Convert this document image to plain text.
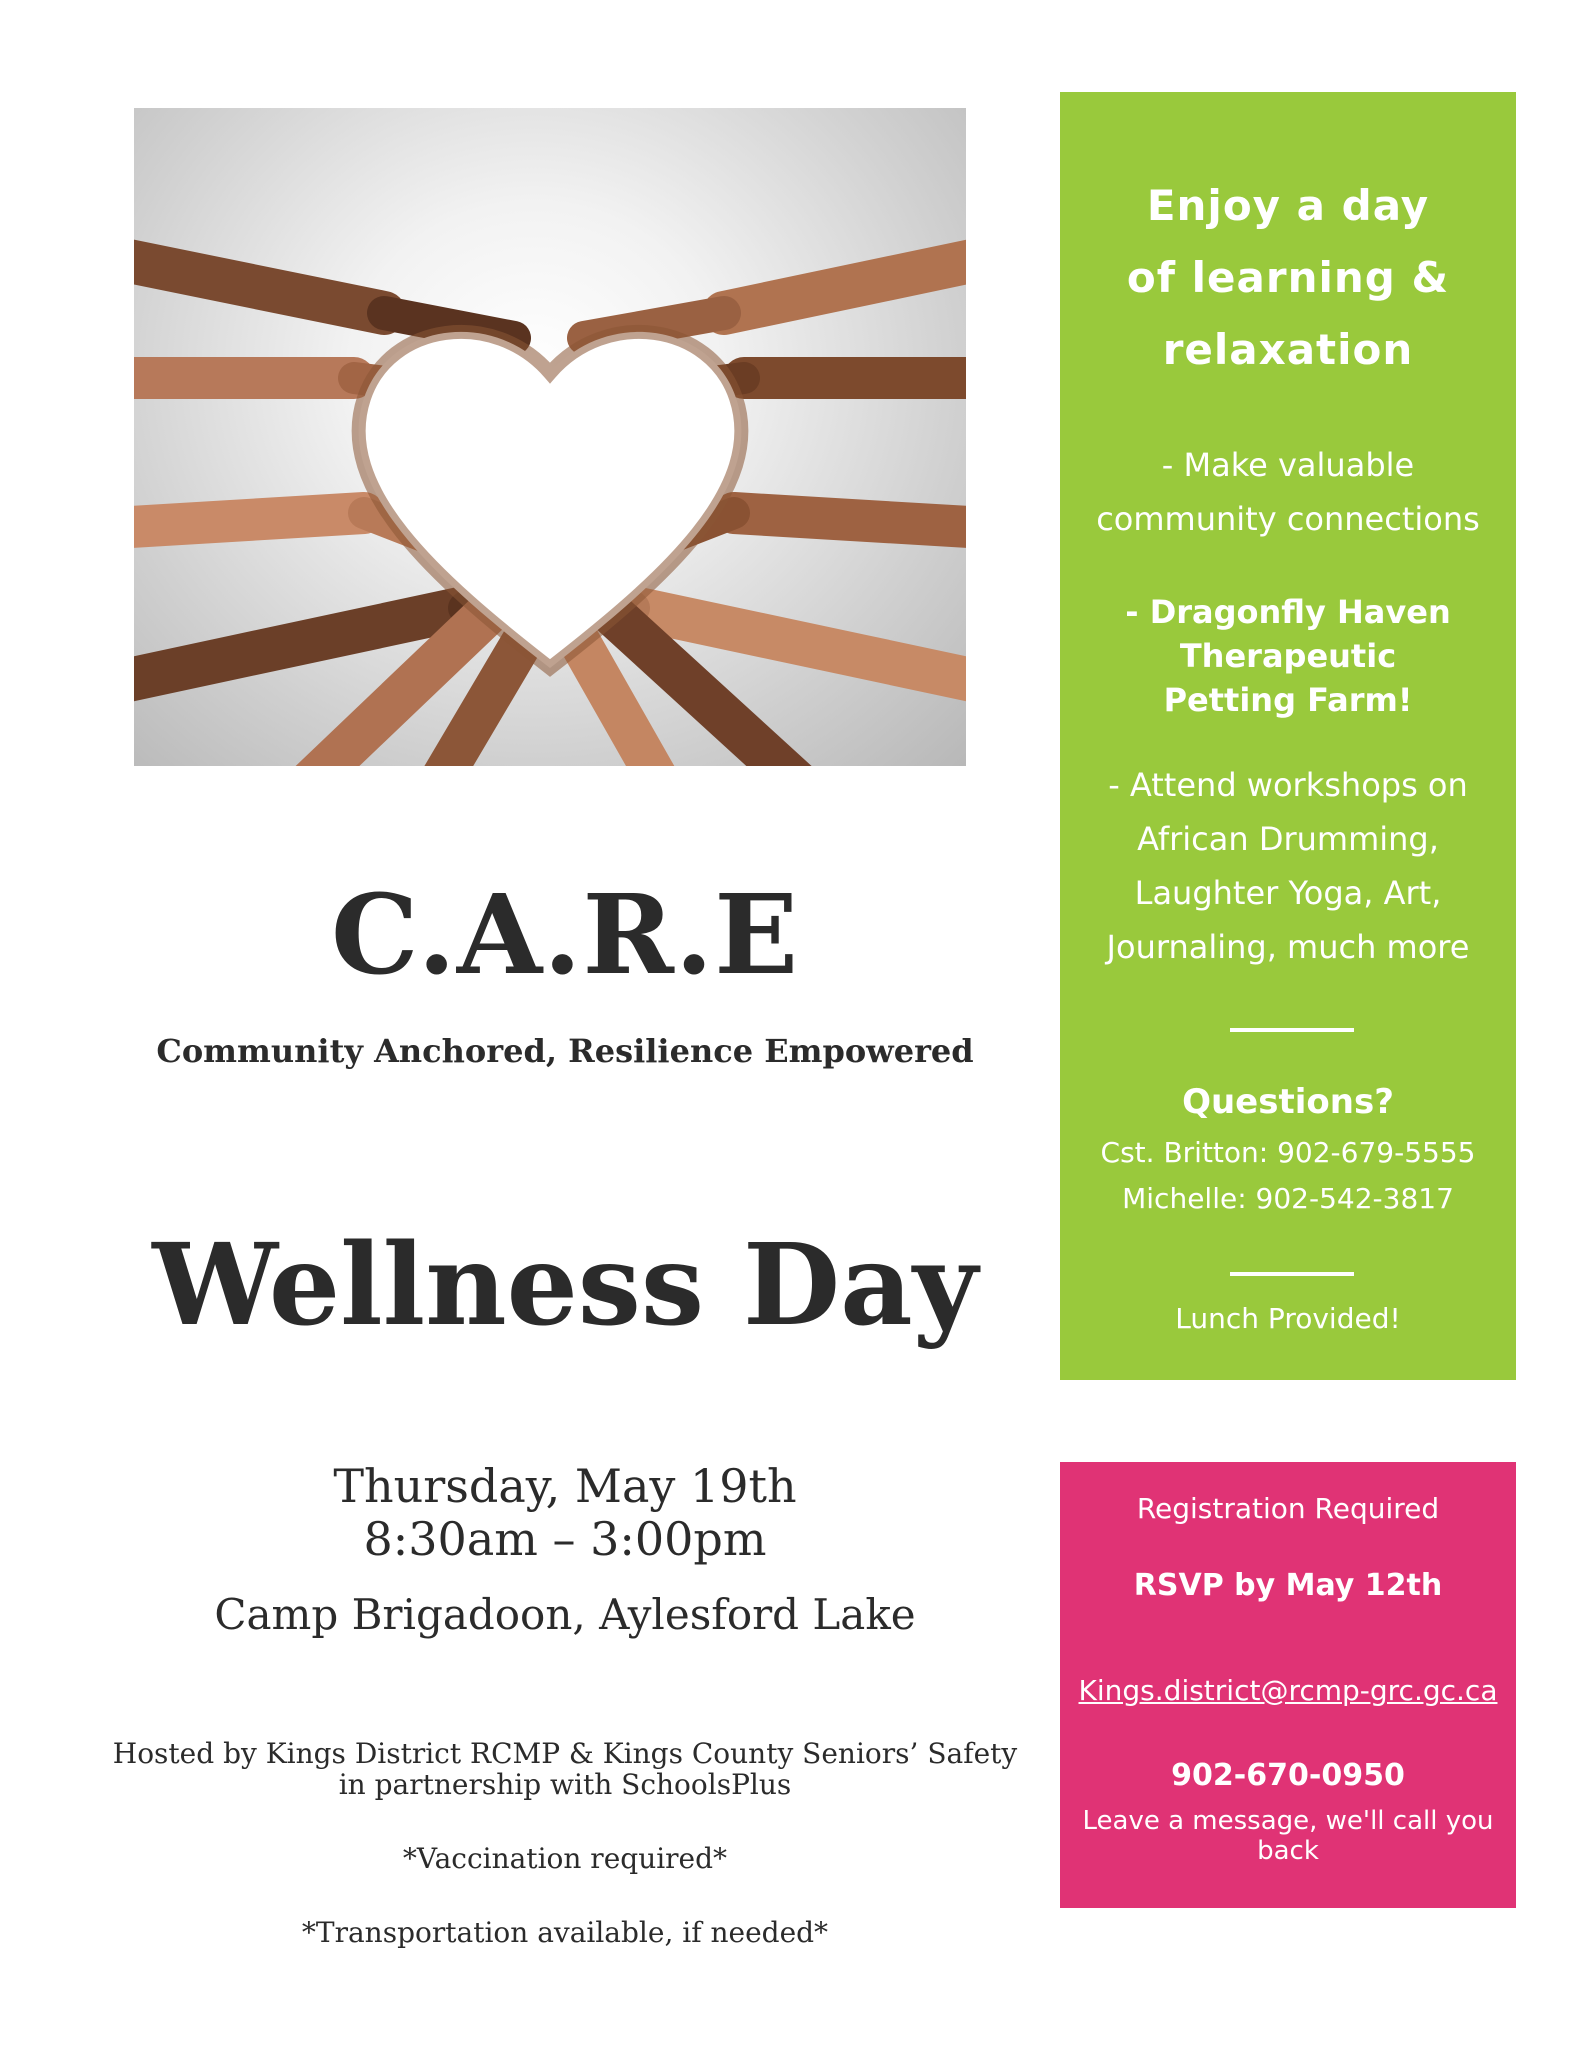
C.A.R.E
Community Anchored, Resilience Empowered
Wellness Day
Thursday, May 19th
8:30am – 3:00pm
Camp Brigadoon, Aylesford Lake
Hosted by Kings District RCMP & Kings County Seniors’ Safety
in partnership with SchoolsPlus
*Vaccination required*
*Transportation available, if needed*
Enjoy a day
of learning &
relaxation
- Make valuable
community connections
- Dragonfly Haven
Therapeutic
Petting Farm!
- Attend workshops on
African Drumming,
Laughter Yoga, Art,
Journaling, much more
Questions?
Cst. Britton: 902-679-5555
Michelle: 902-542-3817
Lunch Provided!
Registration Required
RSVP by May 12th
Kings.district@rcmp-grc.gc.ca
902-670-0950
Leave a message, we'll call you back
